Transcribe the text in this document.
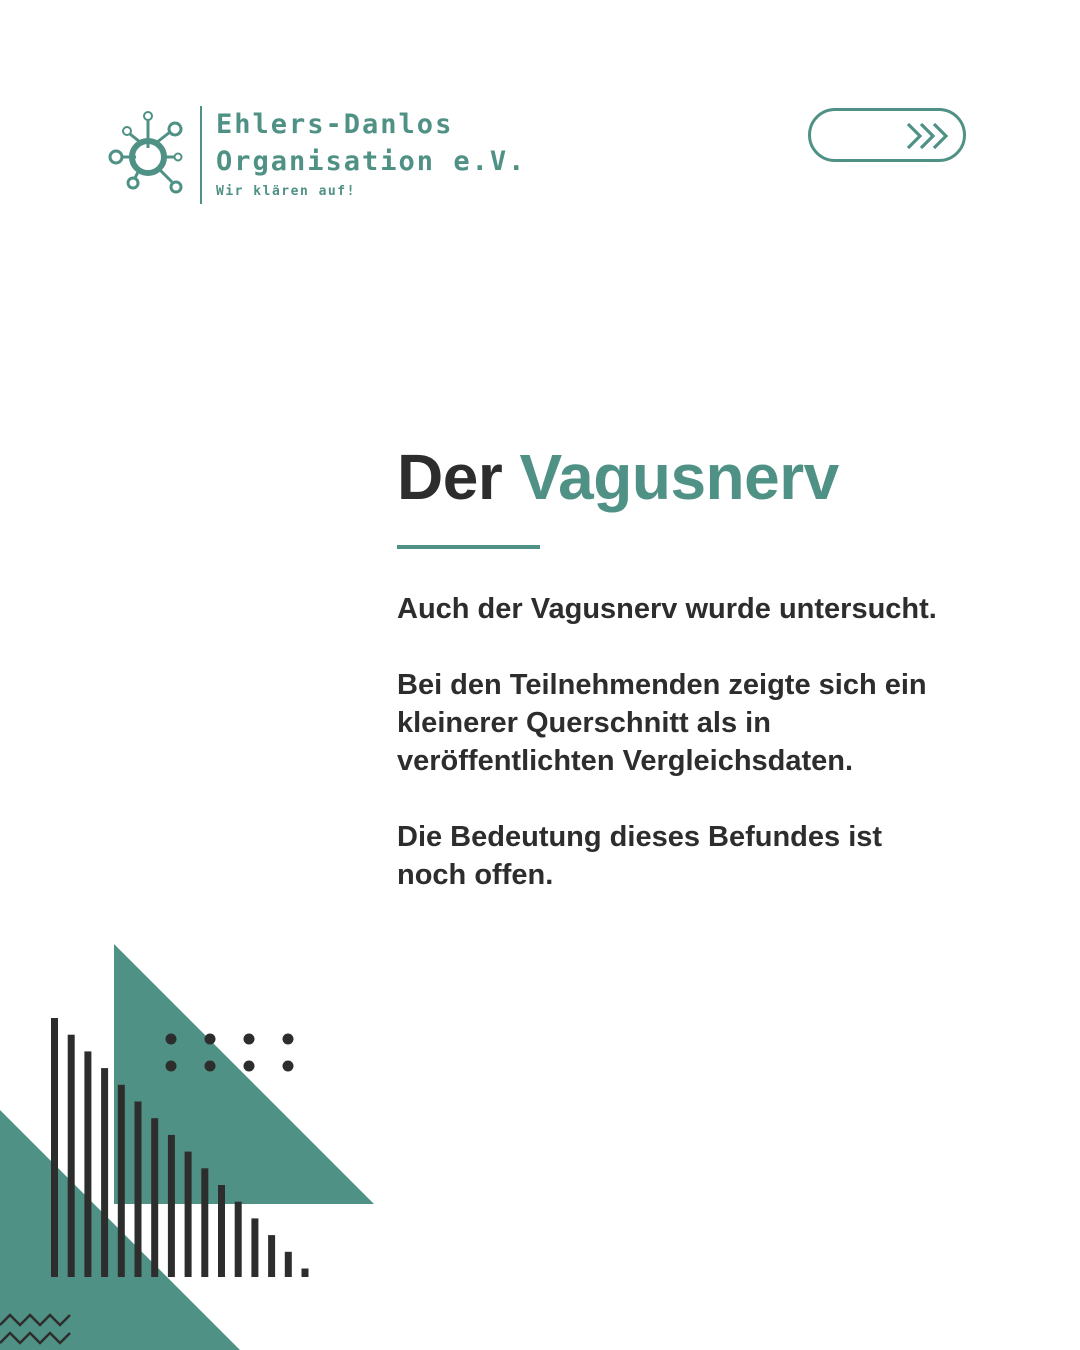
Ehlers-Danlos
Organisation e.V.
Wir klären auf!
Der Vagusnerv

Auch der Vagusnerv wurde untersucht.

Bei den Teilnehmenden zeigte sich ein kleinerer Querschnitt als in veröffentlichten Vergleichsdaten.

Die Bedeutung dieses Befundes ist noch offen.
